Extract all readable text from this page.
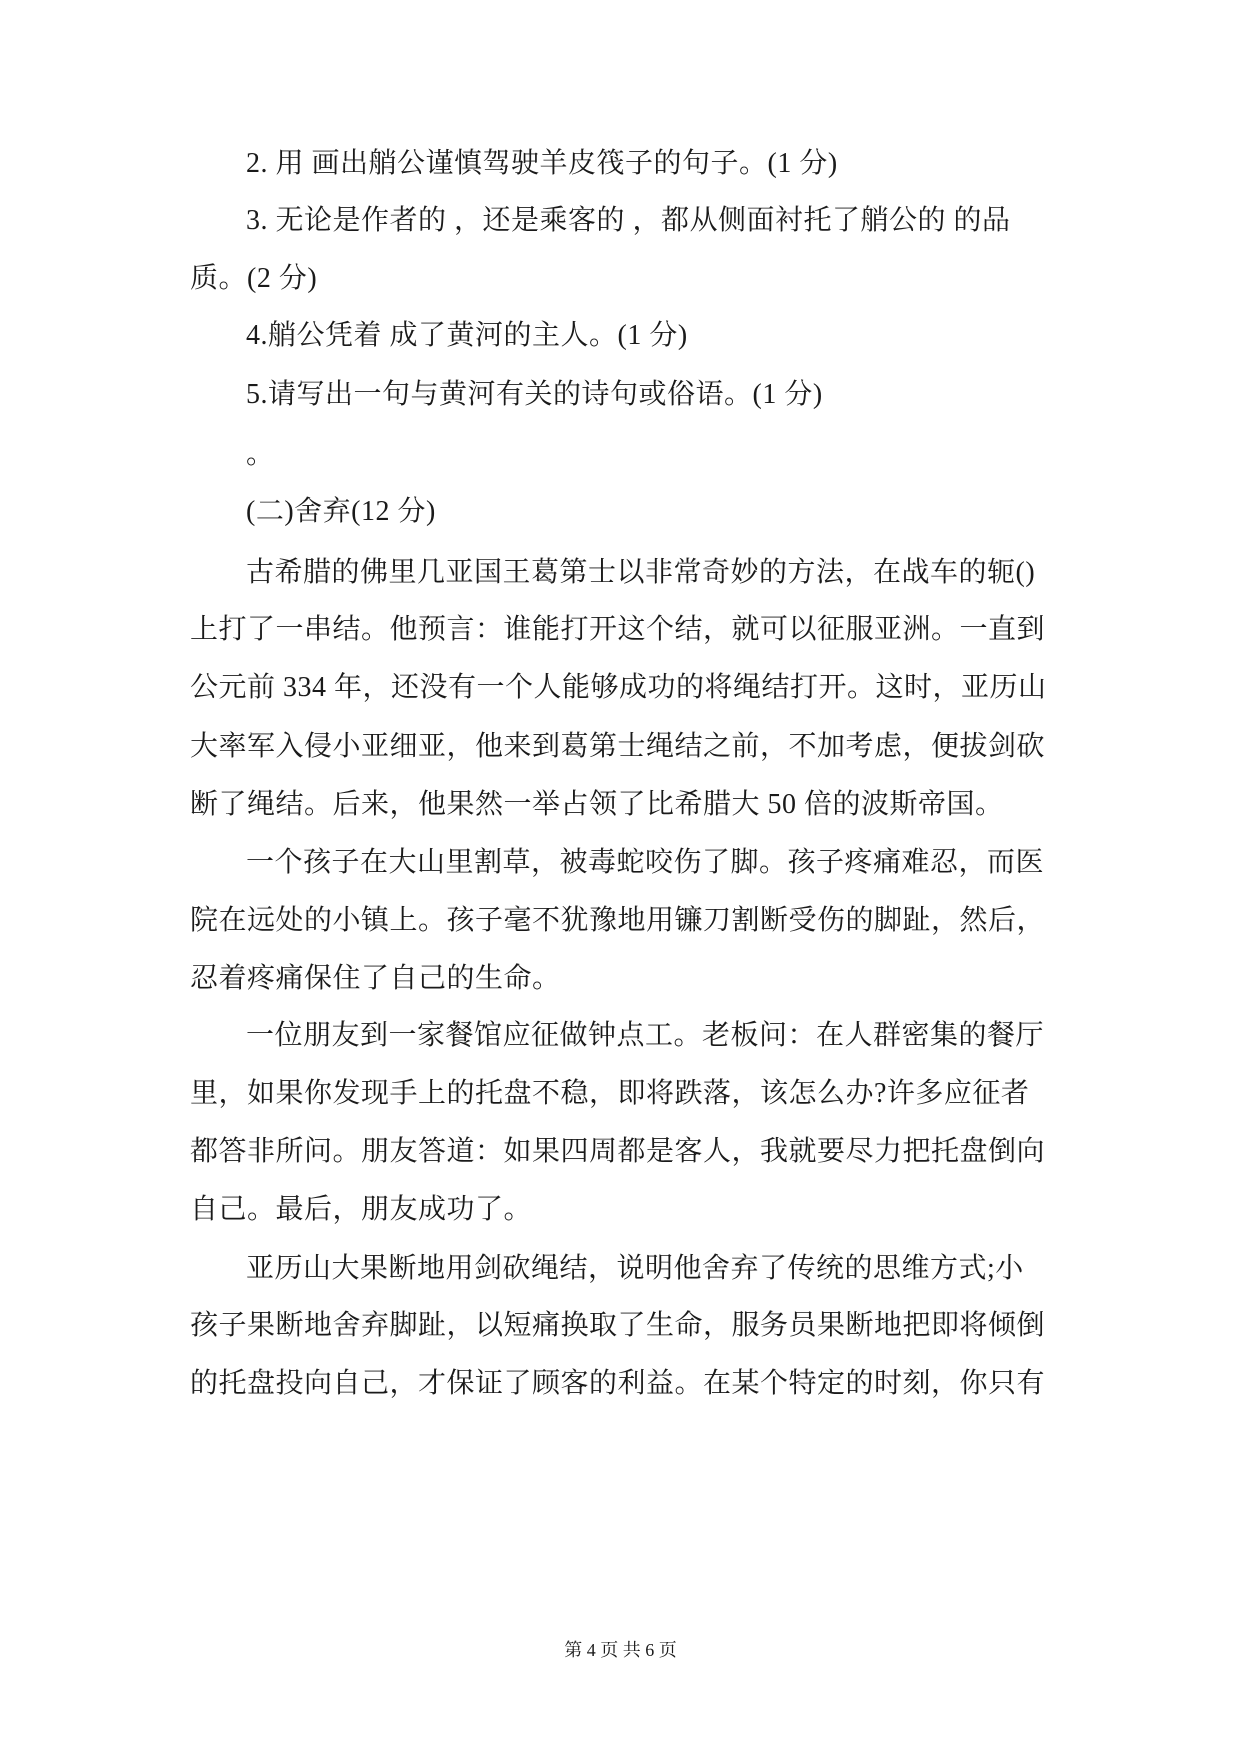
2. 用 画出艄公谨慎驾驶羊皮筏子的句子。(1 分)
3. 无论是作者的 ，还是乘客的 ，都从侧面衬托了艄公的 的品
质。(2 分)
4.艄公凭着 成了黄河的主人。(1 分)
5.请写出一句与黄河有关的诗句或俗语。(1 分)
。
(二)舍弃(12 分)
古希腊的佛里几亚国王葛第士以非常奇妙的方法，在战车的轭()
上打了一串结。他预言：谁能打开这个结，就可以征服亚洲。一直到
公元前 334 年，还没有一个人能够成功的将绳结打开。这时，亚历山
大率军入侵小亚细亚，他来到葛第士绳结之前，不加考虑，便拔剑砍
断了绳结。后来，他果然一举占领了比希腊大 50 倍的波斯帝国。
一个孩子在大山里割草，被毒蛇咬伤了脚。孩子疼痛难忍，而医
院在远处的小镇上。孩子毫不犹豫地用镰刀割断受伤的脚趾，然后，
忍着疼痛保住了自己的生命。
一位朋友到一家餐馆应征做钟点工。老板问：在人群密集的餐厅
里，如果你发现手上的托盘不稳，即将跌落，该怎么办?许多应征者
都答非所问。朋友答道：如果四周都是客人，我就要尽力把托盘倒向
自己。最后，朋友成功了。
亚历山大果断地用剑砍绳结，说明他舍弃了传统的思维方式;小
孩子果断地舍弃脚趾，以短痛换取了生命，服务员果断地把即将倾倒
的托盘投向自己，才保证了顾客的利益。在某个特定的时刻，你只有
第 4 页 共 6 页
